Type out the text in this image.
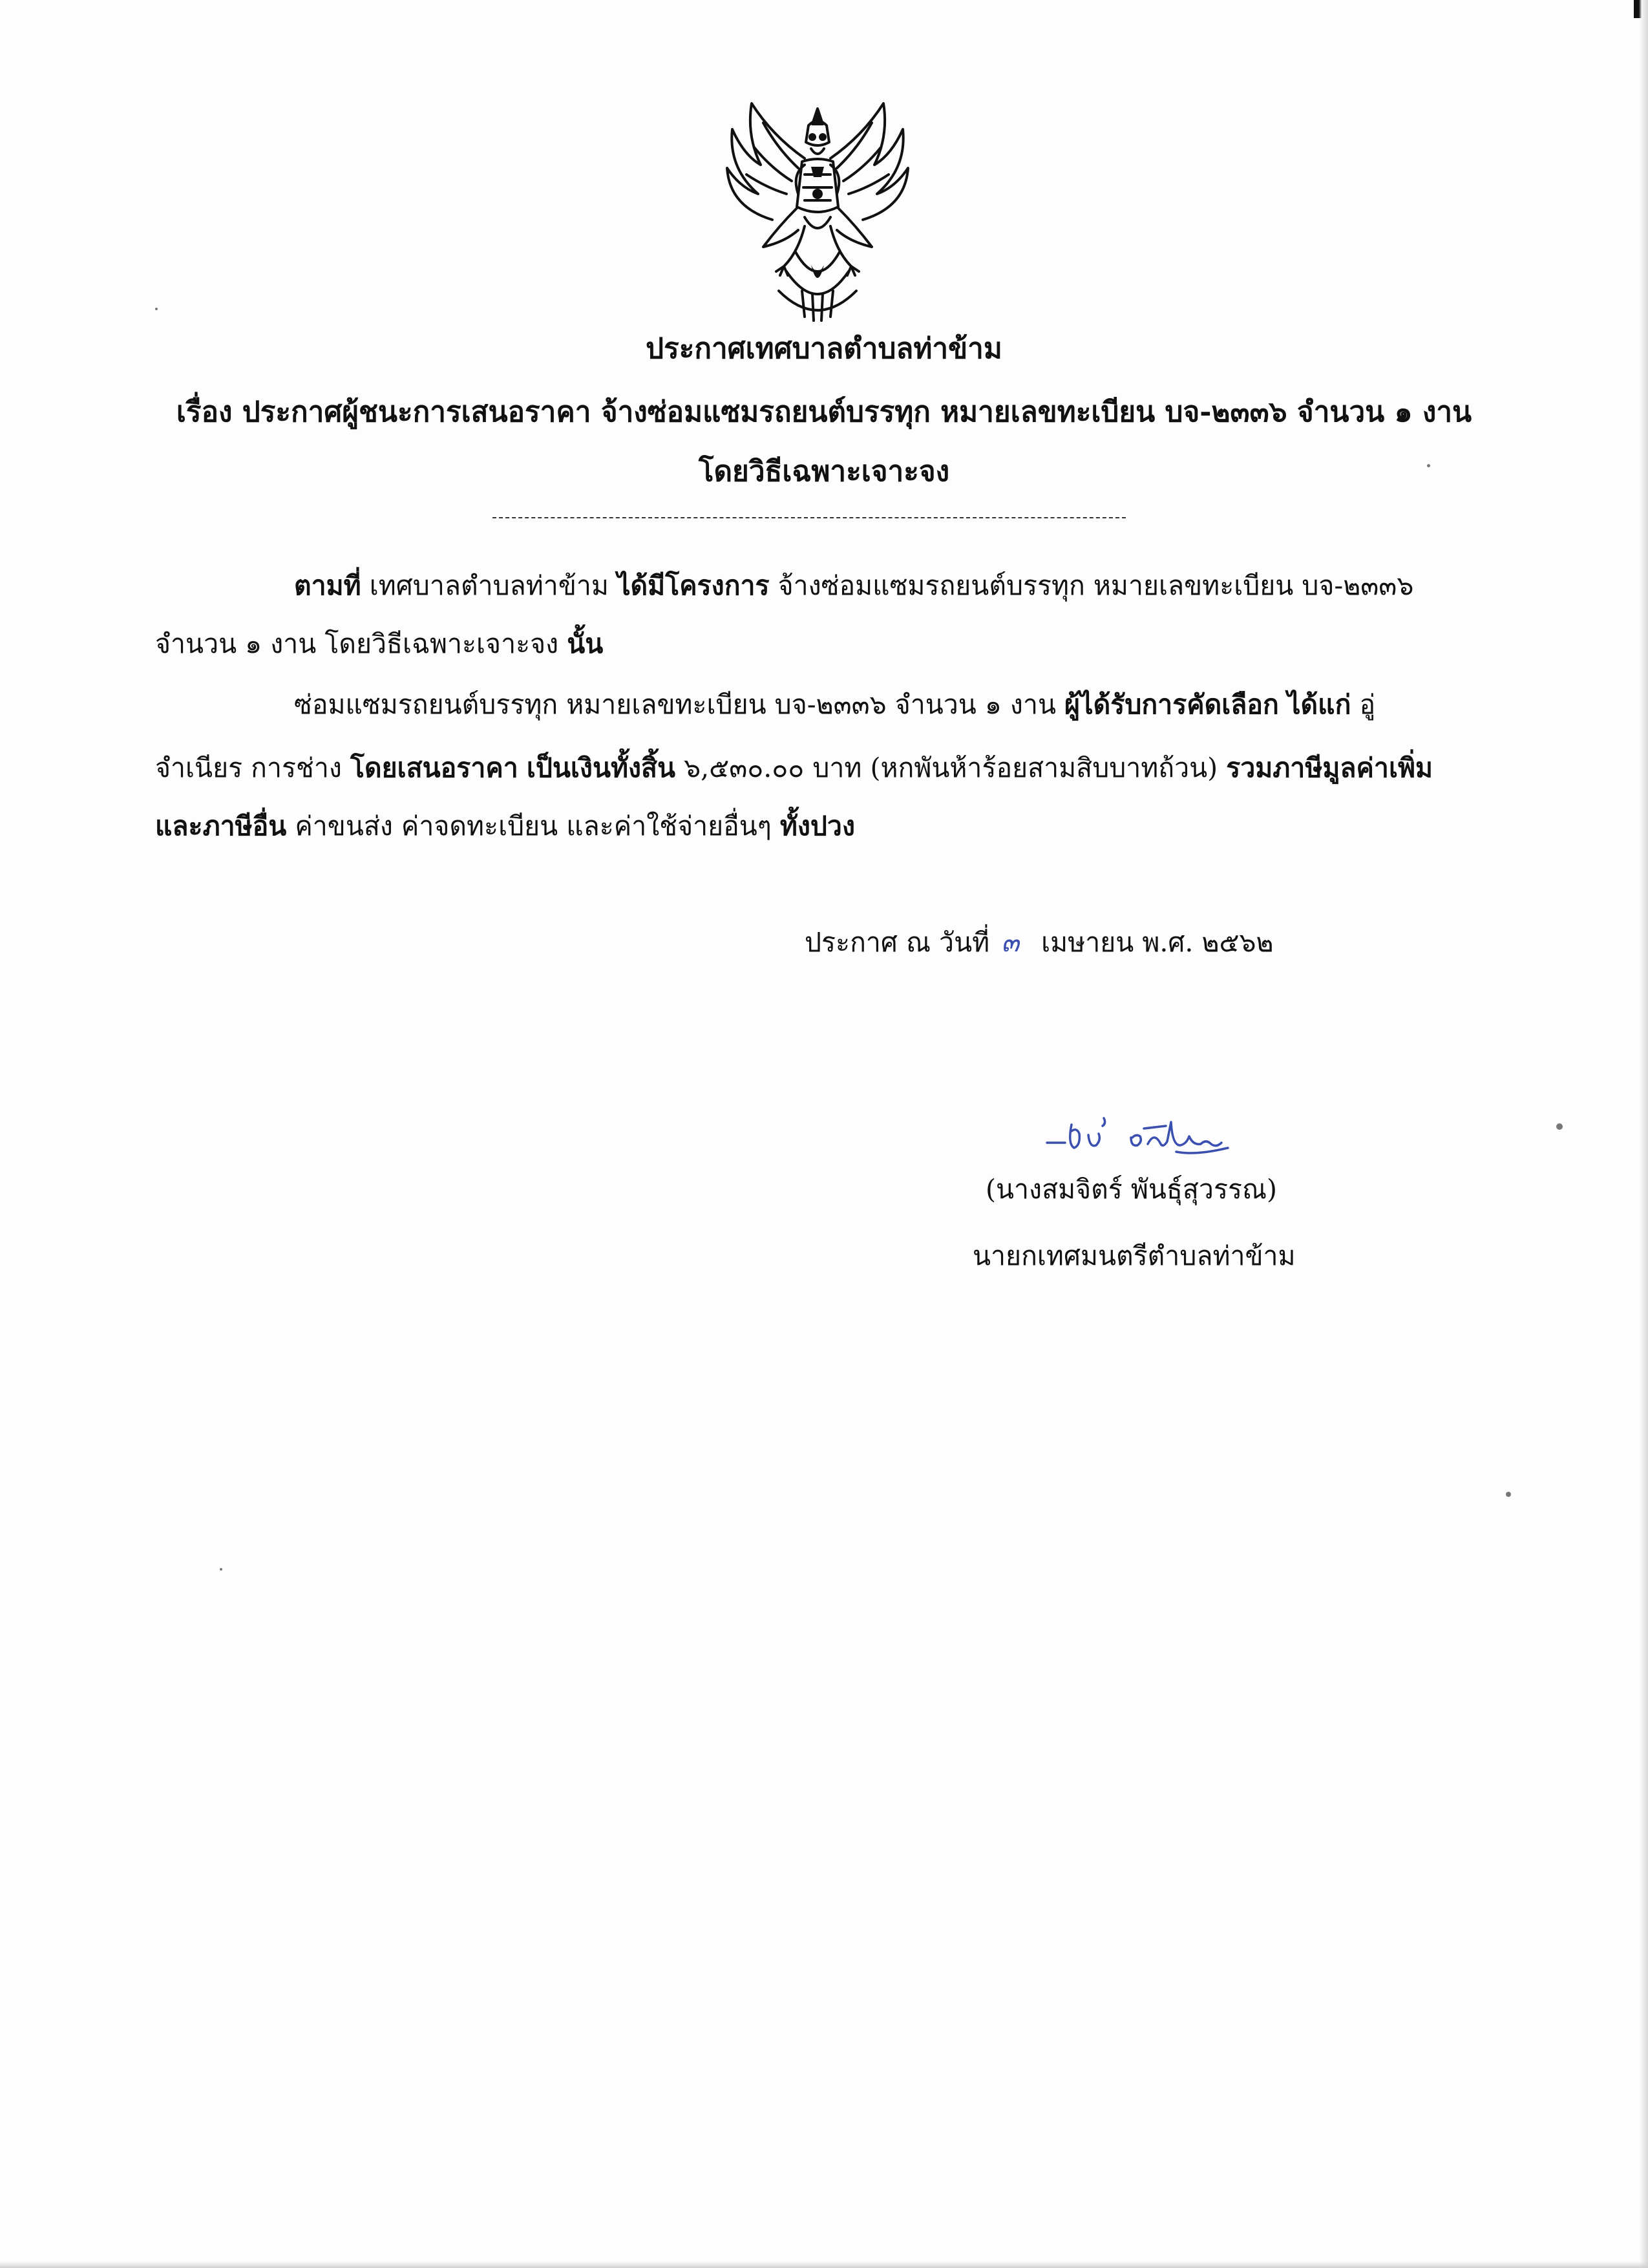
ประกาศเทศบาลตำบลท่าข้าม
เรื่อง ประกาศผู้ชนะการเสนอราคา จ้างซ่อมแซมรถยนต์บรรทุก หมายเลขทะเบียน บจ-๒๓๓๖ จำนวน ๑ งาน
โดยวิธีเฉพาะเจาะจง
ตามที่ เทศบาลตำบลท่าข้าม ได้มีโครงการ จ้างซ่อมแซมรถยนต์บรรทุก หมายเลขทะเบียน บจ-๒๓๓๖
จำนวน ๑ งาน โดยวิธีเฉพาะเจาะจง นั้น
ซ่อมแซมรถยนต์บรรทุก หมายเลขทะเบียน บจ-๒๓๓๖ จำนวน ๑ งาน ผู้ได้รับการคัดเลือก ได้แก่ อู่
จำเนียร การช่าง โดยเสนอราคา เป็นเงินทั้งสิ้น ๖,๕๓๐.๐๐ บาท (หกพันห้าร้อยสามสิบบาทถ้วน) รวมภาษีมูลค่าเพิ่ม
และภาษีอื่น ค่าขนส่ง ค่าจดทะเบียน และค่าใช้จ่ายอื่นๆ ทั้งปวง
ประกาศ ณ วันที่ ๓ เมษายน พ.ศ. ๒๕๖๒
(นางสมจิตร์ พันธุ์สุวรรณ)
นายกเทศมนตรีตำบลท่าข้าม
